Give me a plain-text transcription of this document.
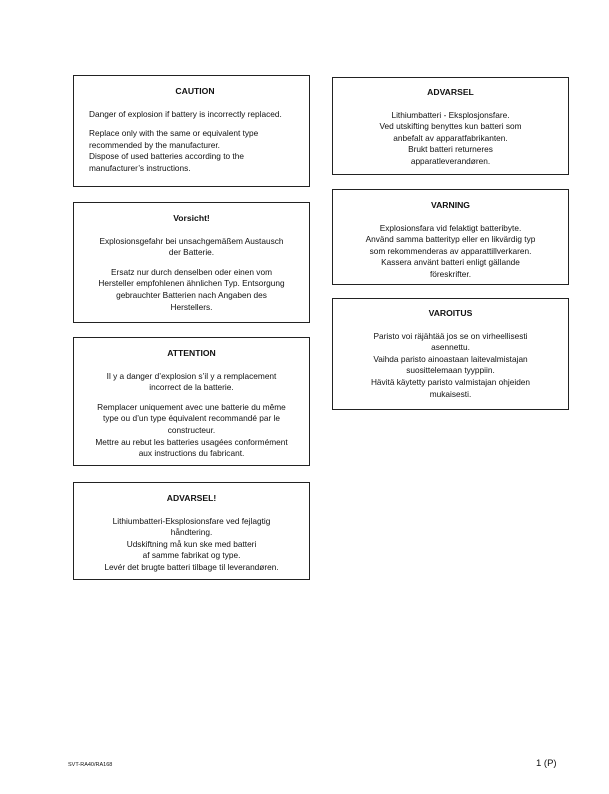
CAUTION

Danger of explosion if battery is incorrectly replaced.

Replace only with the same or equivalent type
recommended by the manufacturer.
Dispose of used batteries according to the
manufacturer’s instructions.

Vorsicht!

Explosionsgefahr bei unsachgemäßem Austausch
der Batterie.

Ersatz nur durch denselben oder einen vom
Hersteller empfohlenen ähnlichen Typ. Entsorgung
gebrauchter Batterien nach Angaben des
Herstellers.

ATTENTION

Il y a danger d’explosion s’il y a remplacement
incorrect de la batterie.

Remplacer uniquement avec une batterie du même
type ou d’un type équivalent recommandé par le
constructeur.
Mettre au rebut les batteries usagées conformément
aux instructions du fabricant.

ADVARSEL!

Lithiumbatteri-Eksplosionsfare ved fejlagtig
håndtering.
Udskiftning må kun ske med batteri
af samme fabrikat og type.
Levér det brugte batteri tilbage til leverandøren.

ADVARSEL

Lithiumbatteri - Eksplosjonsfare.
Ved utskifting benyttes kun batteri som
anbefalt av apparatfabrikanten.
Brukt batteri returneres
apparatleverandøren.

VARNING

Explosionsfara vid felaktigt batteribyte.
Använd samma batterityp eller en likvärdig typ
som rekommenderas av apparattillverkaren.
Kassera använt batteri enligt gällande
föreskrifter.

VAROITUS

Paristo voi räjähtää jos se on virheellisesti
asennettu.
Vaihda paristo ainoastaan laitevalmistajan
suosittelemaan tyyppiin.
Hävitä käytetty paristo valmistajan ohjeiden
mukaisesti.

SVT-RA40/RA168	1 (P)
